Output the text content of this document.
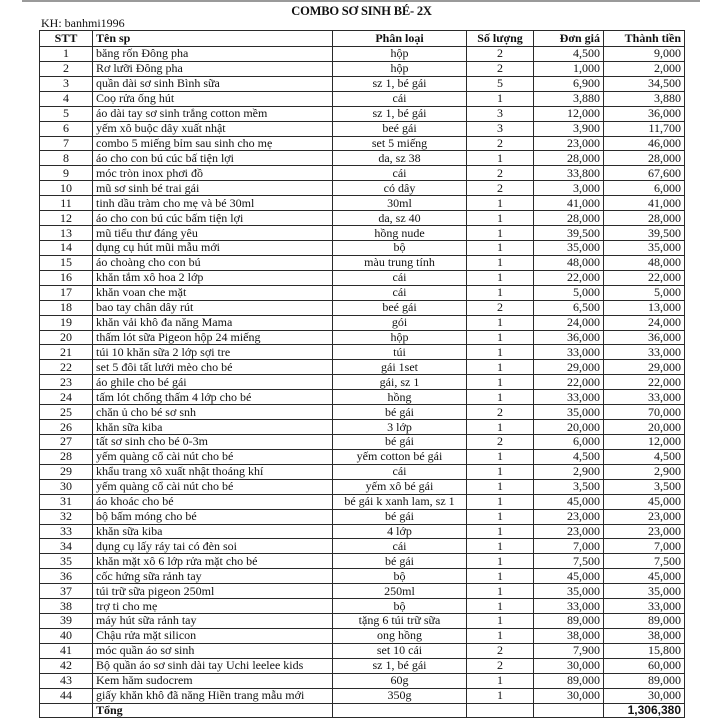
COMBO SƠ SINH BÉ- 2X
KH: banhmi1996
STT	Tên sp	Phân loại	Số lượng	Đơn giá	Thành tiền
1	băng rốn Đông pha	hộp	2	4,500	9,000
2	Rơ lưỡi Đông pha	hộp	2	1,000	2,000
3	quần dài sơ sinh Bình sữa	sz 1, bé gái	5	6,900	34,500
4	Coọ rửa ống hút	cái	1	3,880	3,880
5	áo dài tay sơ sinh trắng cotton mềm	sz 1, bé gái	3	12,000	36,000
6	yếm xô buộc dây xuất nhật	beé gái	3	3,900	11,700
7	combo 5 miếng bỉm sau sinh cho mẹ	set 5 miếng	2	23,000	46,000
8	áo cho con bú cúc bấ tiện lợi	da, sz 38	1	28,000	28,000
9	móc tròn inox phơi đồ	cái	2	33,800	67,600
10	mũ sơ sinh bé trai gái	có dây	2	3,000	6,000
11	tinh dầu tràm cho mẹ và bé 30ml	30ml	1	41,000	41,000
12	áo cho con bú cúc bấm tiện lợi	da, sz 40	1	28,000	28,000
13	mũ tiểu thư đáng yêu	hồng nude	1	39,500	39,500
14	dụng cụ hút mũi mẫu mới	bộ	1	35,000	35,000
15	áo choàng cho con bú	màu trung tính	1	48,000	48,000
16	khăn tắm xô hoa 2 lớp	cái	1	22,000	22,000
17	khăn voan che mặt	cái	1	5,000	5,000
18	bao tay chân dây rút	beé gái	2	6,500	13,000
19	khăn vải khô đa năng Mama	gói	1	24,000	24,000
20	thấm lót sữa Pigeon hộp 24 miếng	hộp	1	36,000	36,000
21	túi 10 khăn sữa 2 lớp sợi tre	túi	1	33,000	33,000
22	set 5 đôi tất lưới mèo cho bé	gái 1set	1	29,000	29,000
23	áo ghile cho bé gái	gái, sz 1	1	22,000	22,000
24	tấm lót chống thấm 4 lớp cho bé	hồng	1	33,000	33,000
25	chăn ủ cho bé sơ snh	bé gái	2	35,000	70,000
26	khăn sữa kiba	3 lớp	1	20,000	20,000
27	tất sơ sinh cho bé 0-3m	bé gái	2	6,000	12,000
28	yếm quàng cổ cài nút cho bé	yếm cotton bé gái	1	4,500	4,500
29	khẩu trang xô xuất nhật thoáng khí	cái	1	2,900	2,900
30	yếm quàng cổ cài nút cho bé	yếm xô bé gái	1	3,500	3,500
31	áo khoác cho bé	bé gái k xanh lam, sz 1	1	45,000	45,000
32	bộ bấm móng cho bé	bé gái	1	23,000	23,000
33	khăn sữa kiba	4 lớp	1	23,000	23,000
34	dụng cụ lấy ráy tai có đèn soi	cái	1	7,000	7,000
35	khăn mặt xô 6 lớp rửa mặt cho bé	bé gái	1	7,500	7,500
36	cốc hứng sữa rảnh tay	bộ	1	45,000	45,000
37	túi trữ sữa pigeon 250ml	250ml	1	35,000	35,000
38	trợ ti cho mẹ	bộ	1	33,000	33,000
39	máy hút sữa rảnh tay	tặng 6 túi trữ sữa	1	89,000	89,000
40	Chậu rửa mặt silicon	ong hồng	1	38,000	38,000
41	móc quần áo sơ sinh	set 10 cái	2	7,900	15,800
42	Bộ quần áo sơ sinh dài tay Uchi leelee kids	sz 1, bé gái	2	30,000	60,000
43	Kem hăm sudocrem	60g	1	89,000	89,000
44	giấy khăn khô đã năng Hiền trang mẫu mới	350g	1	30,000	30,000
	Tổng				1,306,380
